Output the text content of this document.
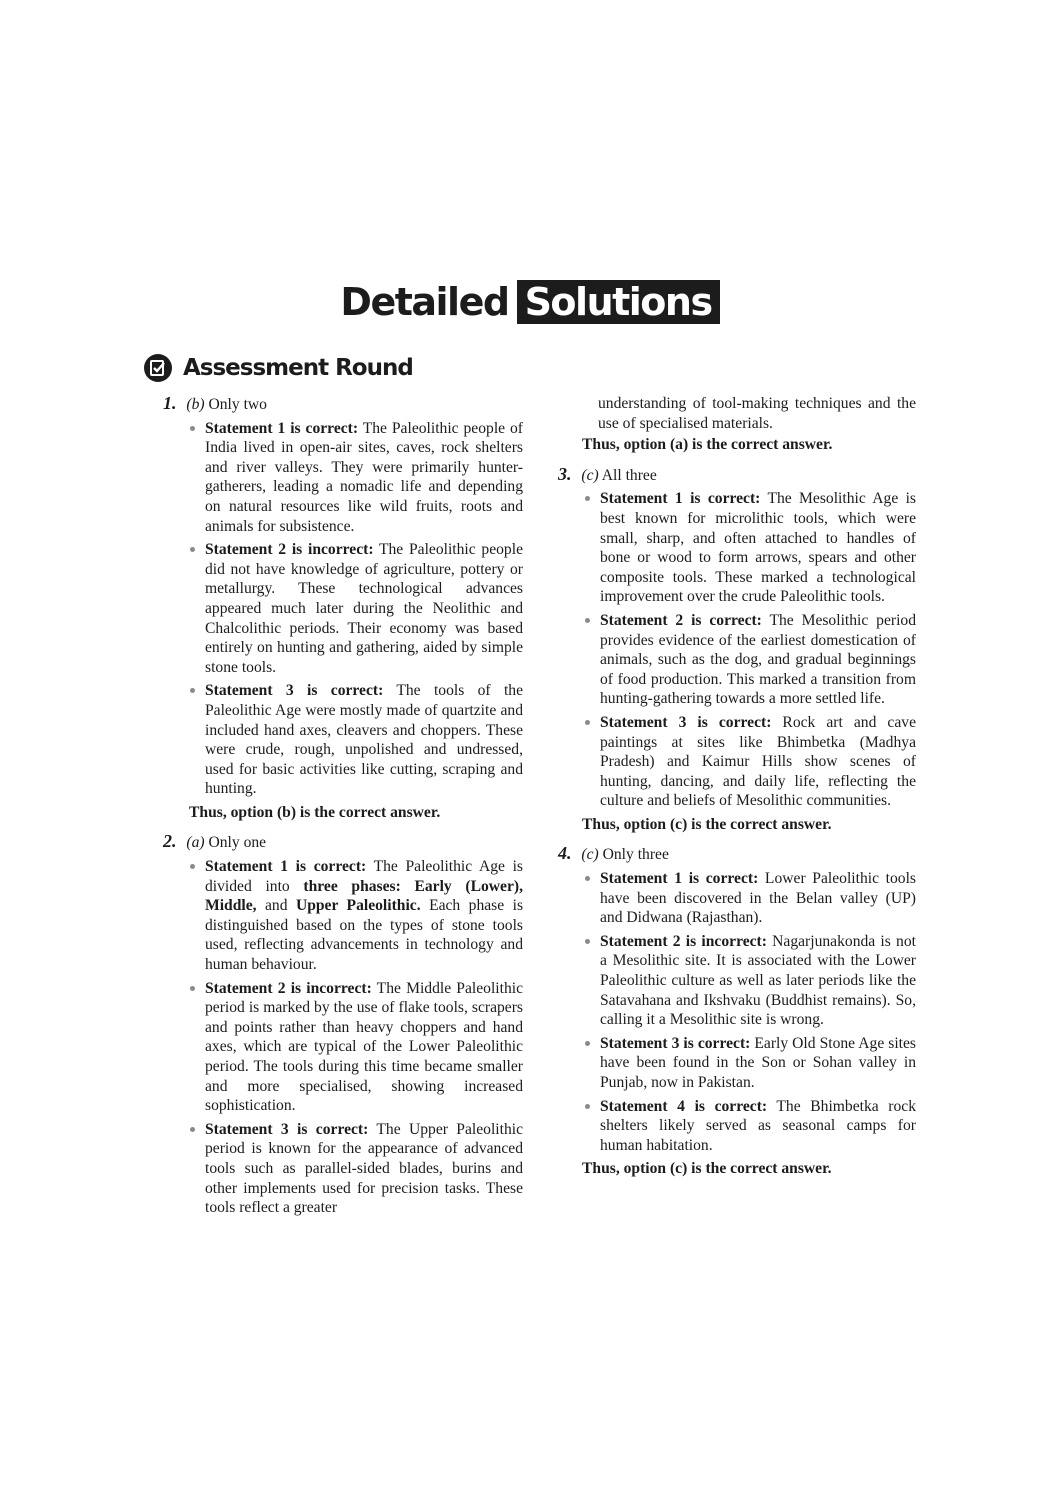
Detailed Solutions
Assessment Round
1. (b) Only two
Statement 1 is correct: The Paleolithic people of India lived in open-air sites, caves, rock shelters and river valleys. They were primarily hunter-gatherers, leading a nomadic life and depending on natural resources like wild fruits, roots and animals for subsistence.
Statement 2 is incorrect: The Paleolithic people did not have knowledge of agriculture, pottery or metallurgy. These technological advances appeared much later during the Neolithic and Chalcolithic periods. Their economy was based entirely on hunting and gathering, aided by simple stone tools.
Statement 3 is correct: The tools of the Paleolithic Age were mostly made of quartzite and included hand axes, cleavers and choppers. These were crude, rough, unpolished and undressed, used for basic activities like cutting, scraping and hunting.
Thus, option (b) is the correct answer.
2. (a) Only one
Statement 1 is correct: The Paleolithic Age is divided into three phases: Early (Lower), Middle, and Upper Paleolithic. Each phase is distinguished based on the types of stone tools used, reflecting advancements in technology and human behaviour.
Statement 2 is incorrect: The Middle Paleolithic period is marked by the use of flake tools, scrapers and points rather than heavy choppers and hand axes, which are typical of the Lower Paleolithic period. The tools during this time became smaller and more specialised, showing increased sophistication.
Statement 3 is correct: The Upper Paleolithic period is known for the appearance of advanced tools such as parallel-sided blades, burins and other implements used for precision tasks. These tools reflect a greater

understanding of tool-making techniques and the use of specialised materials.

Thus, option (a) is the correct answer.
3. (c) All three
Statement 1 is correct: The Mesolithic Age is best known for microlithic tools, which were small, sharp, and often attached to handles of bone or wood to form arrows, spears and other composite tools. These marked a technological improvement over the crude Paleolithic tools.
Statement 2 is correct: The Mesolithic period provides evidence of the earliest domestication of animals, such as the dog, and gradual beginnings of food production. This marked a transition from hunting-gathering towards a more settled life.
Statement 3 is correct: Rock art and cave paintings at sites like Bhimbetka (Madhya Pradesh) and Kaimur Hills show scenes of hunting, dancing, and daily life, reflecting the culture and beliefs of Mesolithic communities.
Thus, option (c) is the correct answer.
4. (c) Only three
Statement 1 is correct: Lower Paleolithic tools have been discovered in the Belan valley (UP) and Didwana (Rajasthan).
Statement 2 is incorrect: Nagarjunakonda is not a Mesolithic site. It is associated with the Lower Paleolithic culture as well as later periods like the Satavahana and Ikshvaku (Buddhist remains). So, calling it a Mesolithic site is wrong.
Statement 3 is correct: Early Old Stone Age sites have been found in the Son or Sohan valley in Punjab, now in Pakistan.
Statement 4 is correct: The Bhimbetka rock shelters likely served as seasonal camps for human habitation.
Thus, option (c) is the correct answer.
